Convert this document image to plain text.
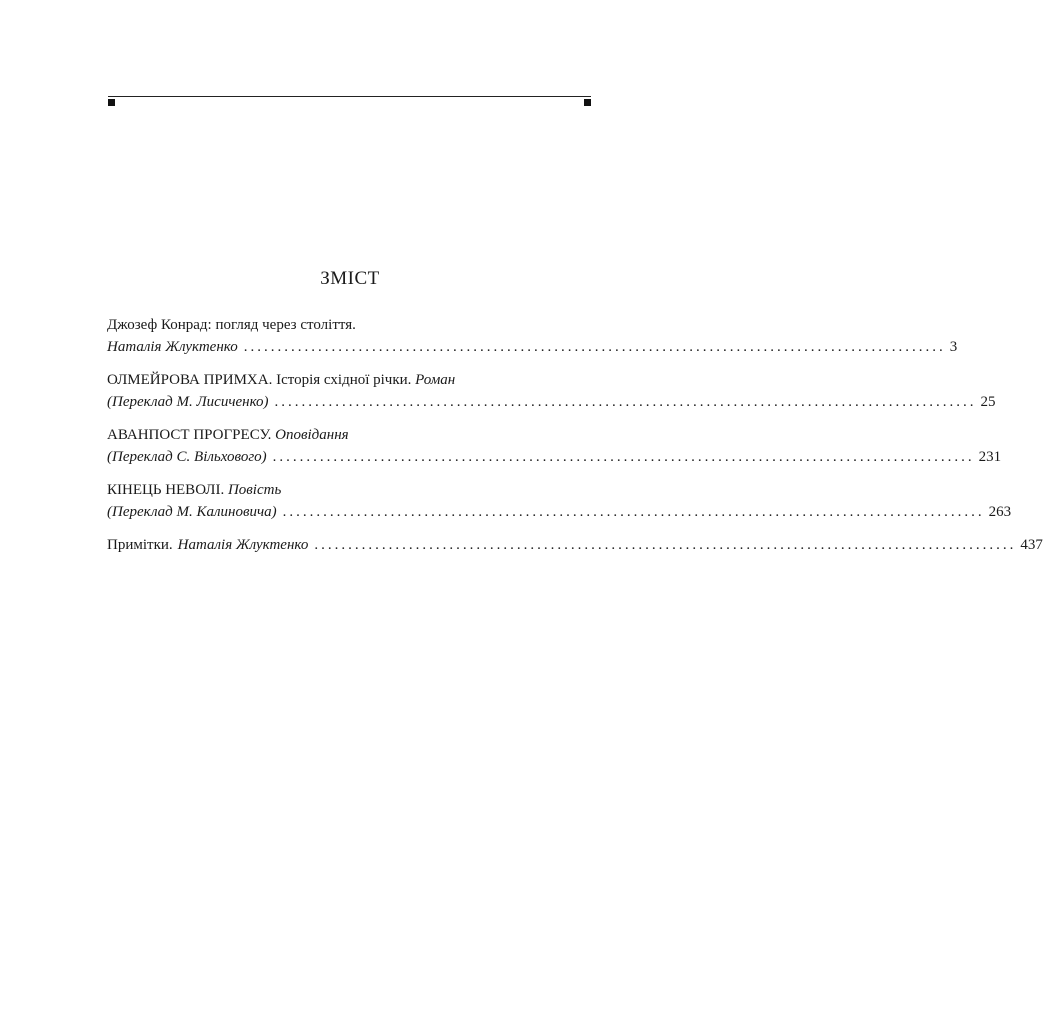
ЗМІСТ
Джозеф Конрад: погляд через століття.
Наталія Жлуктенко ........................................................................................................ 3
ОЛМЕЙРОВА ПРИМХА. Історія східної річки. Роман
(Переклад М. Лисиченко) ........................................................................................................ 25
АВАНПОСТ ПРОГРЕСУ. Оповідання
(Переклад С. Вільхового) ........................................................................................................ 231
КІНЕЦЬ НЕВОЛІ. Повість
(Переклад М. Калиновича) ........................................................................................................ 263
Примітки. Наталія Жлуктенко ........................................................................................................ 437
